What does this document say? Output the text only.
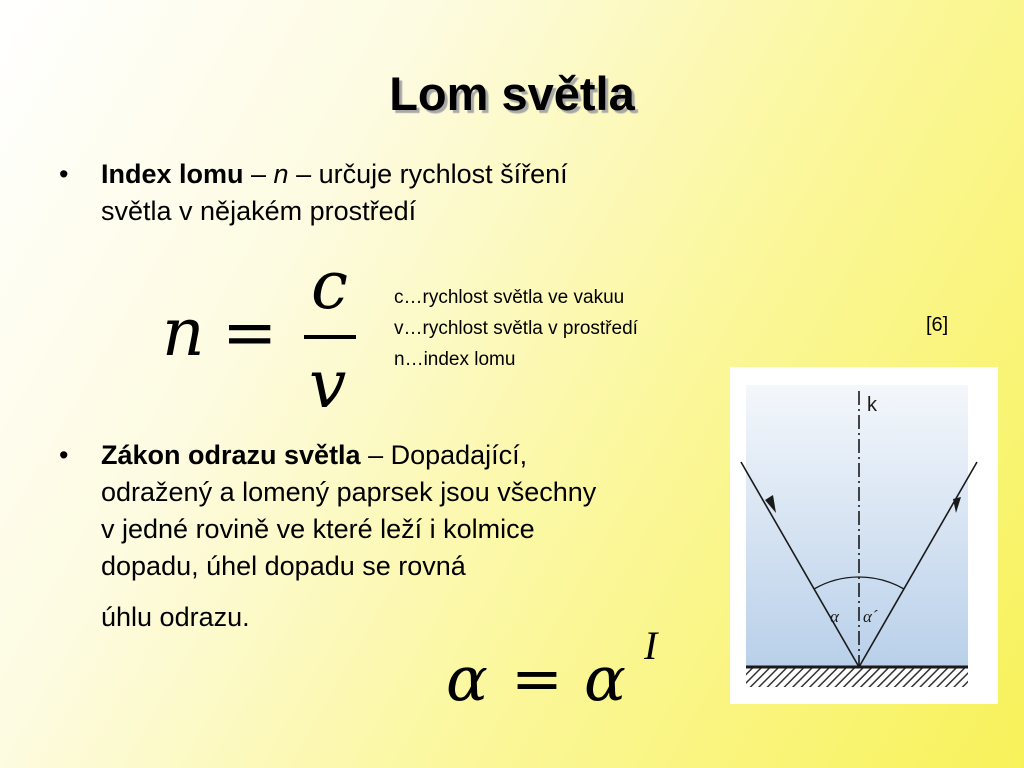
Lom světla
• Index lomu – n – určuje rychlost šíření
světla v nějakém prostředí
n =
c
v
c…rychlost světla ve vakuu
v…rychlost světla v prostředí
n…index lomu
[6]
• Zákon odrazu světla – Dopadající,
odražený a lomený paprsek jsou všechny
v jedné rovině ve které leží i kolmice
dopadu, úhel dopadu se rovná
úhlu odrazu.
α = α I
k
α α´
